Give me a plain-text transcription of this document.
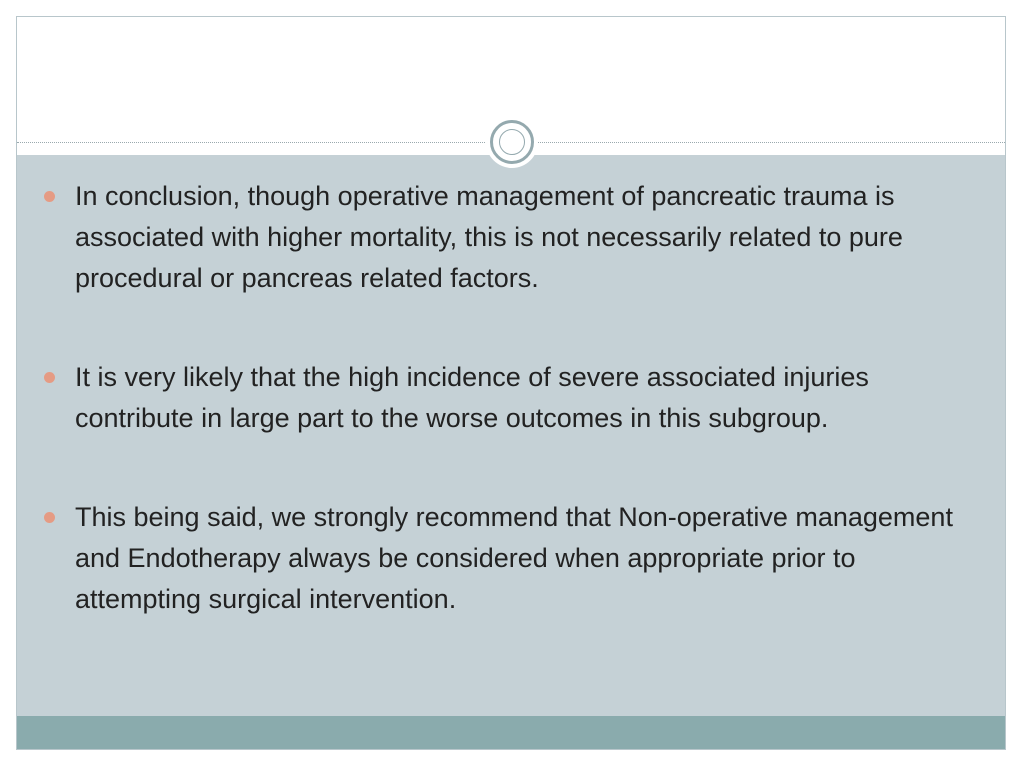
In conclusion, though operative management of pancreatic trauma is associated with higher mortality, this is not necessarily related to pure procedural or pancreas related factors.
It is very likely that the high incidence of severe associated injuries contribute in large part to the worse outcomes in this subgroup.
This being said, we strongly recommend that Non-operative management and Endotherapy always be considered when appropriate prior to attempting surgical intervention.
